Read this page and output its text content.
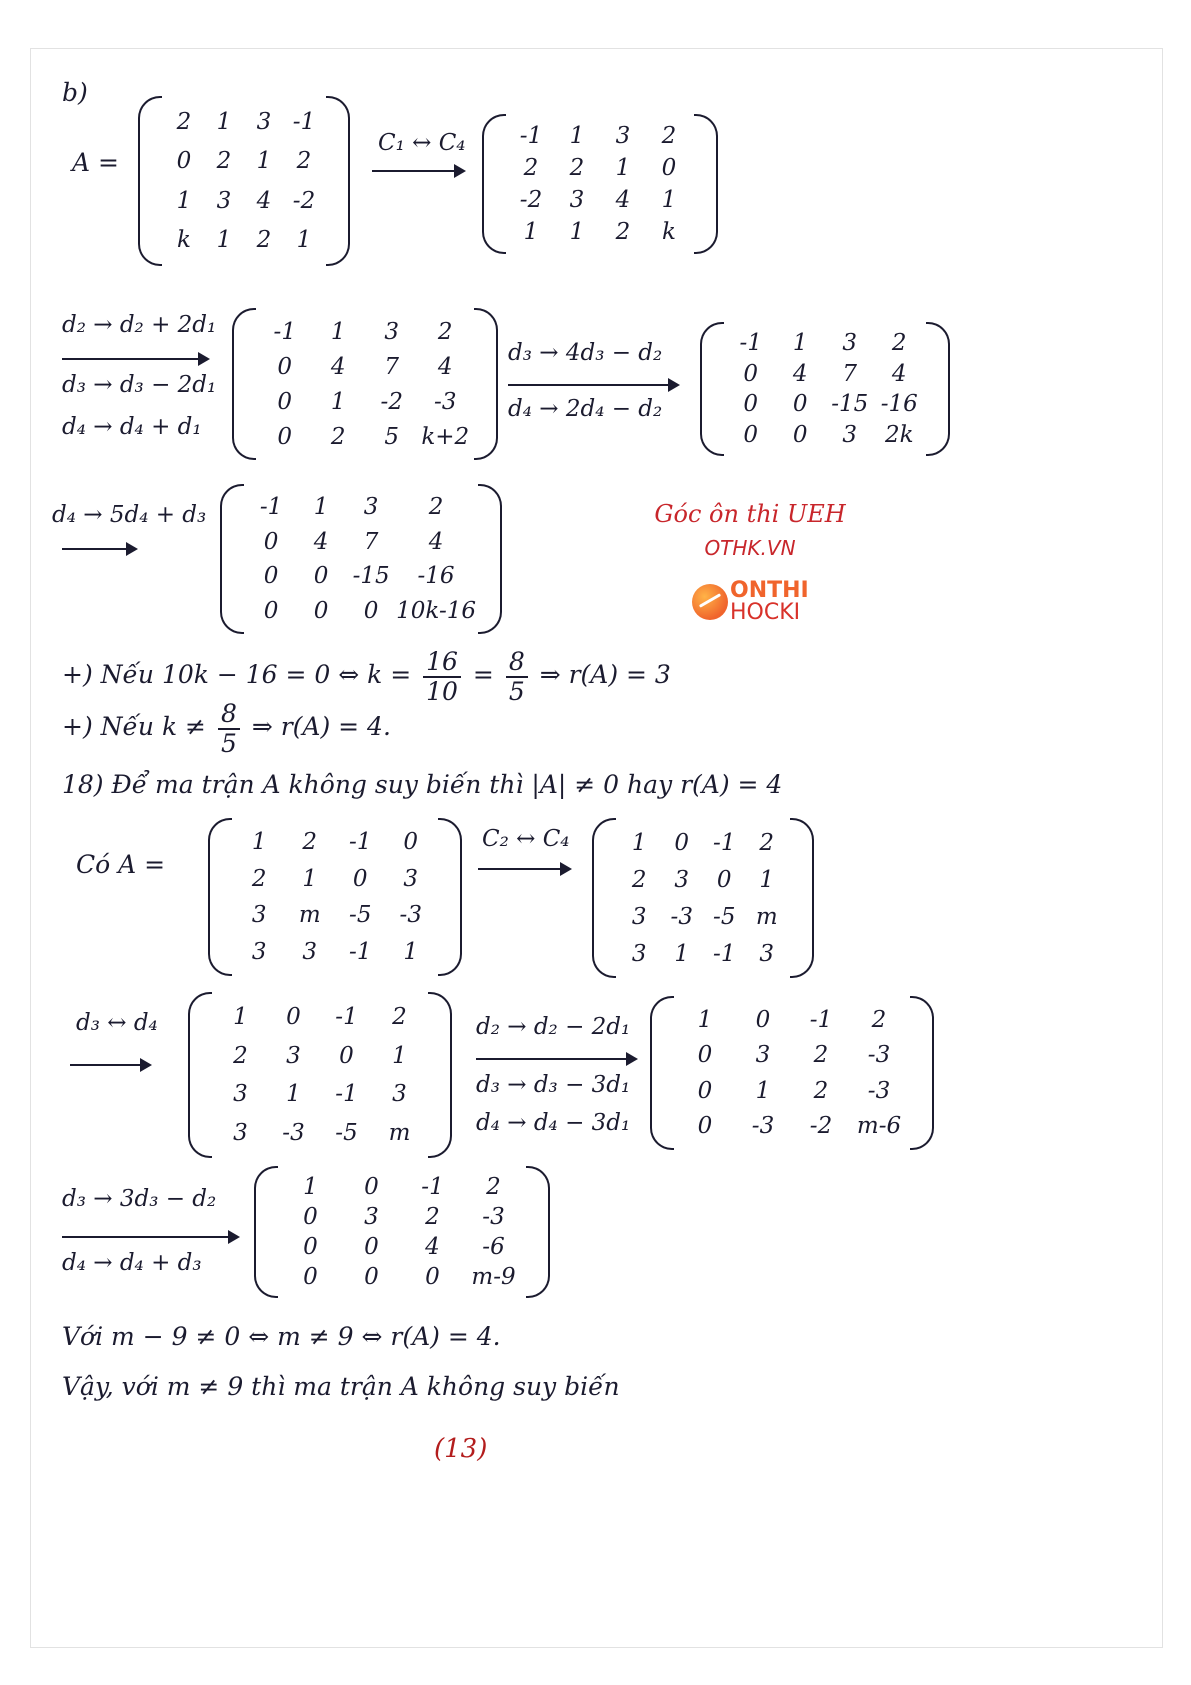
b)
A =
2 1 3 -1
0 2 1 2
1 3 4 -2
k 1 2 1
C₁ ↔ C₄ -1 1 3 2
2 2 1 0
-2 3 4 1
1 1 2 k
d₂ → d₂ + 2d₁
d₃ → d₃ − 2d₁
d₄ → d₄ + d₁
-1 1 3 2
0 4 7 4
0 1 -2 -3
0 2 5 k+2
d₃ → 4d₃ − d₂
d₄ → 2d₄ − d₂
-1 1 3 2
0 4 7 4
0 0 -15 -16
0 0 3 2k
d₄ → 5d₄ + d₃ -1 1 3 2
0 4 7 4
0 0 -15 -16
0 0 0 10k-16
Góc ôn thi UEH
OTHK.VN
ONTHI
HOCKI
+) Nếu 10k − 16 = 0 ⇔ $k = \frac{16}{10} = \frac{8}{5}$ ⇒ r(A) = 3
+) Nếu $k \ne \frac{8}{5}$ ⇒ r(A) = 4.
18) Để ma trận A không suy biến thì |A| ≠ 0 hay r(A) = 4
Có A =
1 2 -1 0
2 1 0 3
3 m -5 -3
3 3 -1 1
C₂ ↔ C₄	1 0 -1 2
2 3 0 1
3 -3 -5 m
3 1 -1 3
d₃ ↔ d₄	1 0 -1 2
2 3 0 1
3 1 -1 3
3 -3 -5 m
d₂ → d₂ − 2d₁
d₃ → d₃ − 3d₁
d₄ → d₄ − 3d₁
1 0 -1 2
0 3 2 -3
0 1 2 -3
0 -3 -2 m-6
d₃ → 3d₃ − d₂
d₄ → d₄ + d₃
1 0 -1 2
0 3 2 -3
0 0 4 -6
0 0 0 m-9
Với m − 9 ≠ 0 ⇔ m ≠ 9 ⇔ r(A) = 4.
Vậy, với m ≠ 9 thì ma trận A không suy biến
(13)
